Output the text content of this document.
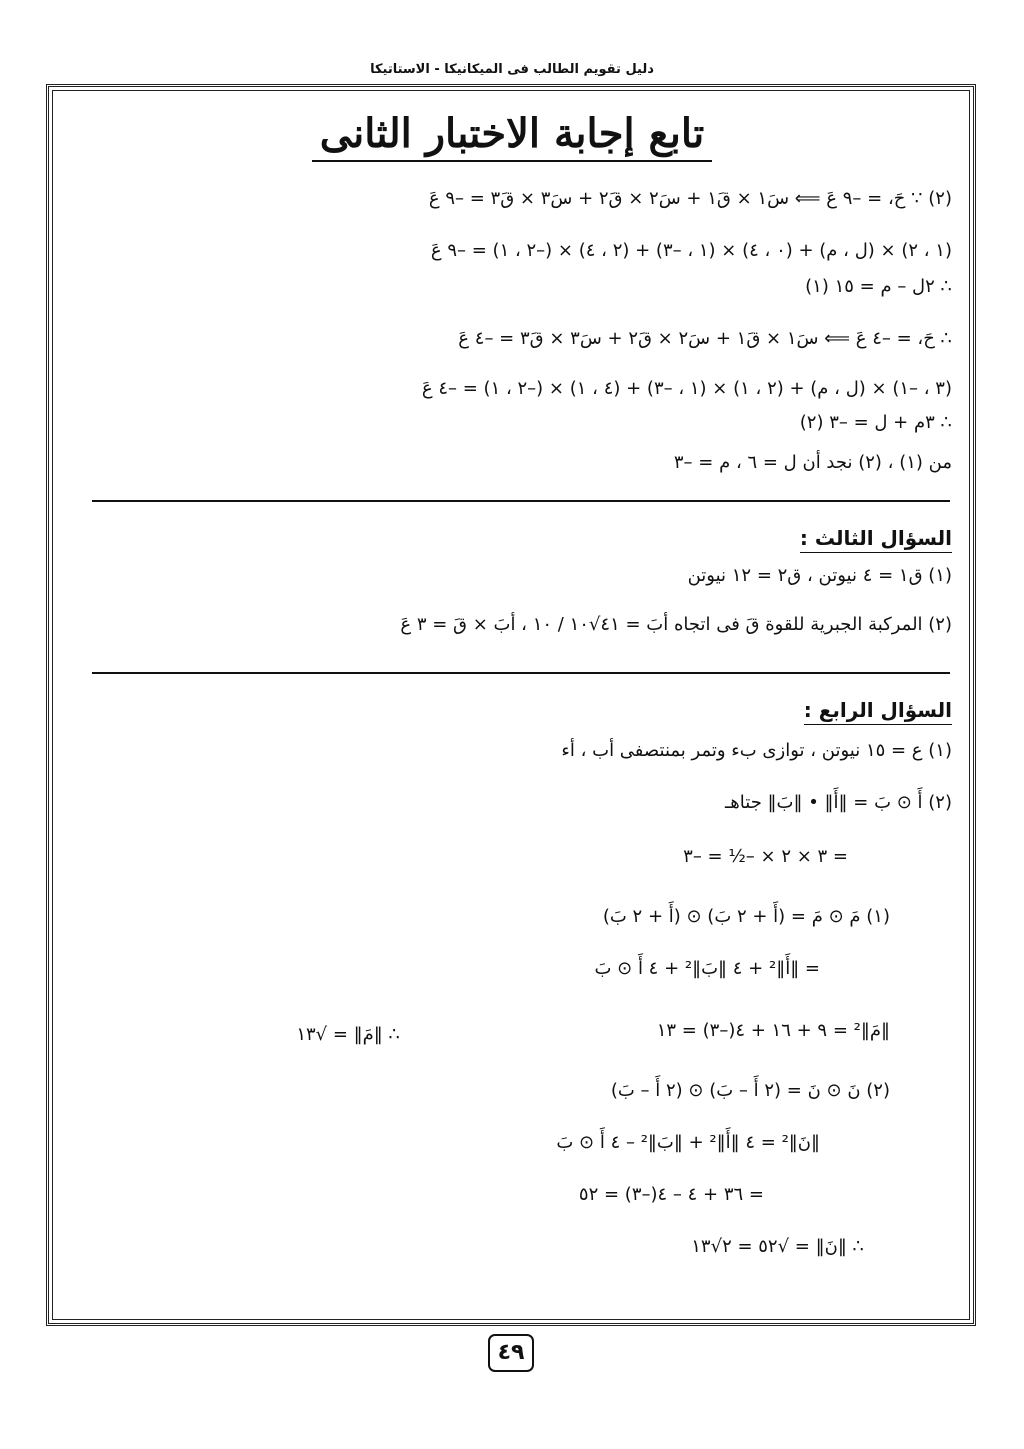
دليل تقويم الطالب فى الميكانيكا - الاستاتيكا
تابع إجابة الاختبار الثانى
(٢) ∵ حَ، = –٩ عَ ⟸ سَ١ × قَ١ + سَ٢ × قَ٢ + سَ٣ × قَ٣ = –٩ عَ
(١ ، ٢) × (ل ، م) + (٠ ، ٤) × (١ ، –٣) + (٢ ، ٤) × (–٢ ، ١) = –٩ عَ
∴ ٢ل – م = ١٥ (١)
∴ حَ، = –٤ عَ ⟸ سَ١ × قَ١ + سَ٢ × قَ٢ + سَ٣ × قَ٣ = –٤ عَ
(٣ ، –١) × (ل ، م) + (٢ ، ١) × (١ ، –٣) + (٤ ، ١) × (–٢ ، ١) = –٤ عَ
∴ ٣م + ل = –٣ (٢)
من (١) ، (٢) نجد أن ل = ٦ ، م = –٣
السؤال الثالث :
(١) ق١ = ٤ نيوتن ، ق٢ = ١٢ نيوتن
(٢) المركبة الجبرية للقوة قَ فى اتجاه أبَ = ٤١√١٠ / ١٠ ، أبَ × قَ = ٣ عَ
السؤال الرابع :
(١) ع = ١٥ نيوتن ، توازى بء وتمر بمنتصفى أب ، أء
(٢) أَ ⊙ بَ = ‖أَ‖ • ‖بَ‖ جتاهـ
= ٣ × ٢ × –½ = –٣
(١) مَ ⊙ مَ = (أَ + ٢ بَ) ⊙ (أَ + ٢ بَ)
= ‖أَ‖² + ٤ ‖بَ‖² + ٤ أَ ⊙ بَ
‖مَ‖² = ٩ + ١٦ + ٤(–٣) = ١٣
∴ ‖مَ‖ = √١٣
(٢) نَ ⊙ نَ = (٢ أَ – بَ) ⊙ (٢ أَ – بَ)
‖نَ‖² = ٤ ‖أَ‖² + ‖بَ‖² – ٤ أَ ⊙ بَ
= ٣٦ + ٤ – ٤(–٣) = ٥٢
∴ ‖نَ‖ = √٥٢ = ٢√١٣
٤٩
